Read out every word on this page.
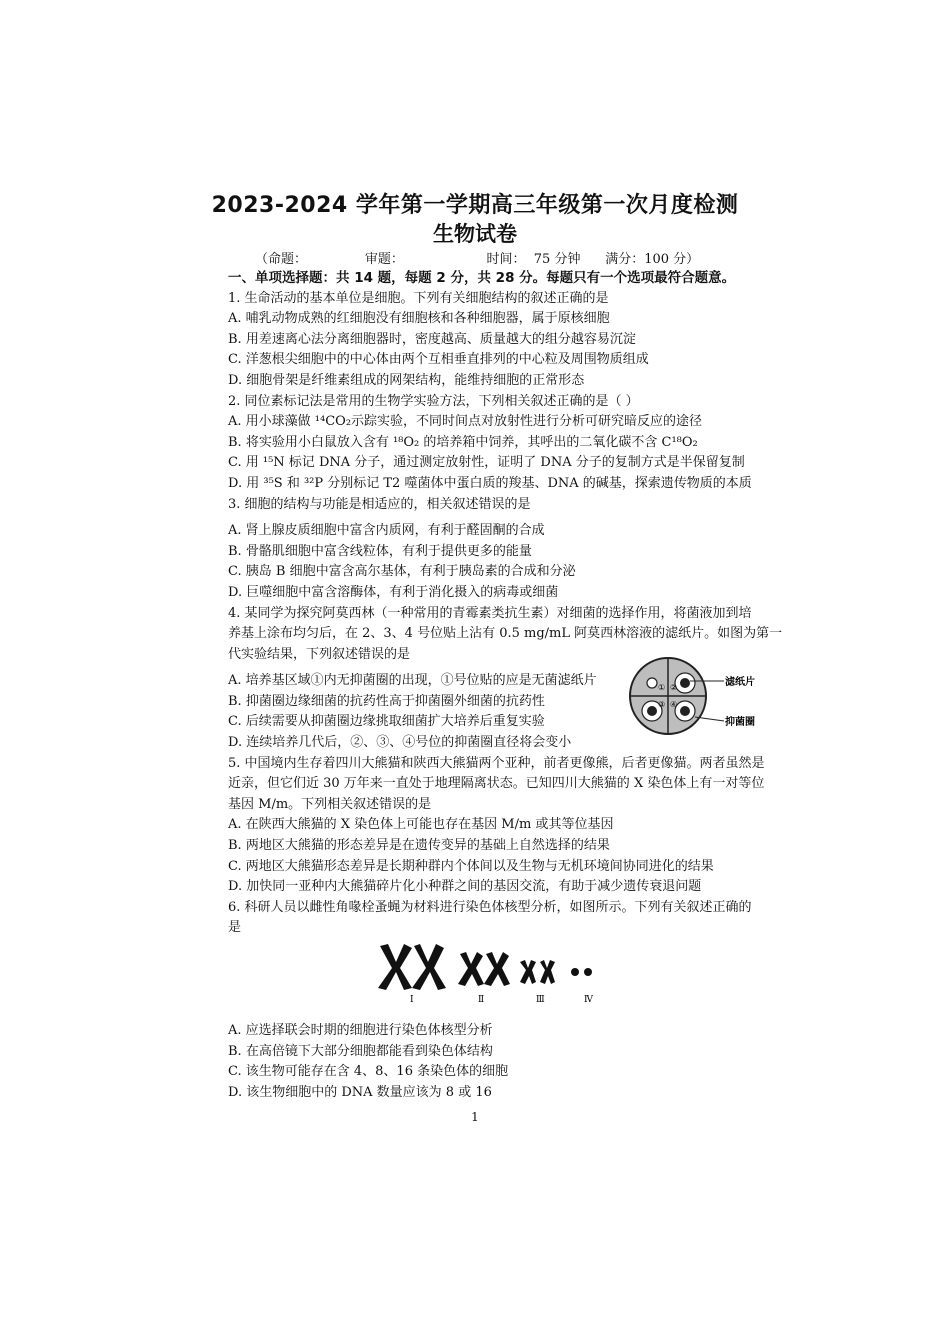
2023-2024 学年第一学期高三年级第一次月度检测
生物试卷
（命题：              审题：                    时间：  75 分钟      满分：100 分）
一、单项选择题：共 14 题，每题 2 分，共 28 分。每题只有一个选项最符合题意。
1. 生命活动的基本单位是细胞。下列有关细胞结构的叙述正确的是
A. 哺乳动物成熟的红细胞没有细胞核和各种细胞器，属于原核细胞
B. 用差速离心法分离细胞器时，密度越高、质量越大的组分越容易沉淀
C. 洋葱根尖细胞中的中心体由两个互相垂直排列的中心粒及周围物质组成
D. 细胞骨架是纤维素组成的网架结构，能维持细胞的正常形态
2. 同位素标记法是常用的生物学实验方法，下列相关叙述正确的是（ ）
A. 用小球藻做 ¹⁴CO₂示踪实验，不同时间点对放射性进行分析可研究暗反应的途径
B. 将实验用小白鼠放入含有 ¹⁸O₂ 的培养箱中饲养，其呼出的二氧化碳不含 C¹⁸O₂
C. 用 ¹⁵N 标记 DNA 分子，通过测定放射性，证明了 DNA 分子的复制方式是半保留复制
D. 用 ³⁵S 和 ³²P 分别标记 T2 噬菌体中蛋白质的羧基、DNA 的碱基，探索遗传物质的本质
3. 细胞的结构与功能是相适应的，相关叙述错误的是
A. 肾上腺皮质细胞中富含内质网，有利于醛固酮的合成
B. 骨骼肌细胞中富含线粒体，有利于提供更多的能量
C. 胰岛 B 细胞中富含高尔基体，有利于胰岛素的合成和分泌
D. 巨噬细胞中富含溶酶体，有利于消化摄入的病毒或细菌
4. 某同学为探究阿莫西林（一种常用的青霉素类抗生素）对细菌的选择作用，将菌液加到培
养基上涂布均匀后，在 2、3、4 号位贴上沾有 0.5 mg/mL 阿莫西林溶液的滤纸片。如图为第一
代实验结果，下列叙述错误的是
A. 培养基区域①内无抑菌圈的出现，①号位贴的应是无菌滤纸片
B. 抑菌圈边缘细菌的抗药性高于抑菌圈外细菌的抗药性
C. 后续需要从抑菌圈边缘挑取细菌扩大培养后重复实验
D. 连续培养几代后，②、③、④号位的抑菌圈直径将会变小
5. 中国境内生存着四川大熊猫和陕西大熊猫两个亚种，前者更像熊，后者更像猫。两者虽然是
近亲，但它们近 30 万年来一直处于地理隔离状态。已知四川大熊猫的 X 染色体上有一对等位
基因 M/m。下列相关叙述错误的是
A. 在陕西大熊猫的 X 染色体上可能也存在基因 M/m 或其等位基因
B. 两地区大熊猫的形态差异是在遗传变异的基础上自然选择的结果
C. 两地区大熊猫形态差异是长期种群内个体间以及生物与无机环境间协同进化的结果
D. 加快同一亚种内大熊猫碎片化小种群之间的基因交流，有助于减少遗传衰退问题
6. 科研人员以雌性角喙栓蚤蝇为材料进行染色体核型分析，如图所示。下列有关叙述正确的
是
A. 应选择联会时期的细胞进行染色体核型分析
B. 在高倍镜下大部分细胞都能看到染色体结构
C. 该生物可能存在含 4、8、16 条染色体的细胞
D. 该生物细胞中的 DNA 数量应该为 8 或 16
① ②
③ ④
滤纸片
抑菌圈
Ⅰ	Ⅱ	Ⅲ	Ⅳ
1
